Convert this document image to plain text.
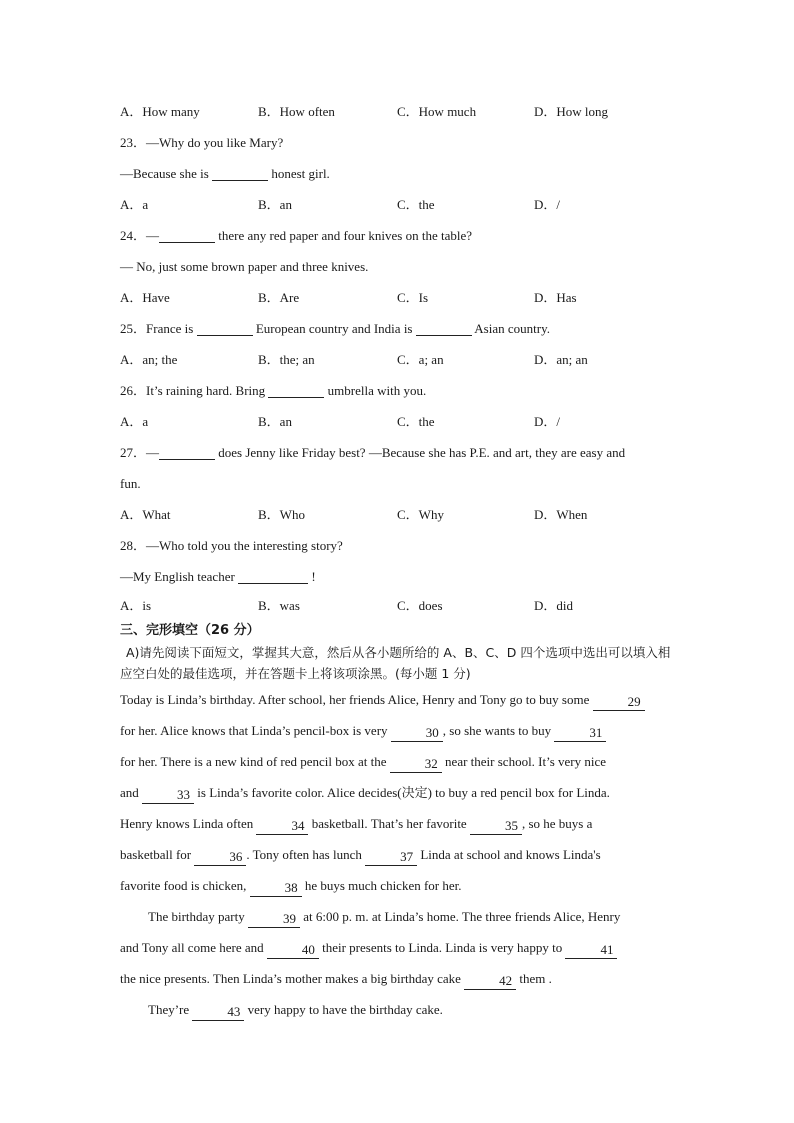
A．How many	B．How often	C．How much	D．How long
23．—Why do you like Mary?
—Because she is	honest girl.
A．a	B．an	C．the	D．/
24．—	there any red paper and four knives on the table?
— No, just some brown paper and three knives.
A．Have	B．Are	C．Is	D．Has
25．France is	European country and India is	Asian country.
A．an; the	B．the; an	C．a; an	D．an; an
26．It’s raining hard. Bring	umbrella with you.
A．a	B．an	C．the	D．/
27．—	does Jenny like Friday best? —Because she has P.E. and art, they are easy and
fun.
A．What	B．Who	C．Why	D．When
28．—Who told you the interesting story?
—My English teacher	!
A．is	B．was	C．does	D．did
三、完形填空（26 分）
A)请先阅读下面短文，掌握其大意，然后从各小题所给的 A、B、C、D 四个选项中选出可以填入相 应空白处的最佳选项，并在答题卡上将该项涂黑。(每小题 1 分)
Today is Linda’s birthday. After school, her friends Alice, Henry and Tony go to buy some	29
for her. Alice knows that Linda’s pencil-box is very	30 , so she wants to buy	31
for her. There is a new kind of red pencil box at the	32 near their school. It’s very nice
and	33 is Linda’s favorite color. Alice decides(决定) to buy a red pencil box for Linda.
Henry knows Linda often	34 basketball. That’s her favorite	35 , so he buys a
basketball for	36 . Tony often has lunch	37 Linda at school and knows Linda's
favorite food is chicken,	38 he buys much chicken for her.
The birthday party	39 at 6:00 p. m. at Linda’s home. The three friends Alice, Henry
and Tony all come here and	40 their presents to Linda. Linda is very happy to	41
the nice presents. Then Linda’s mother makes a big birthday cake	42 them .
They’re	43 very happy to have the birthday cake.
